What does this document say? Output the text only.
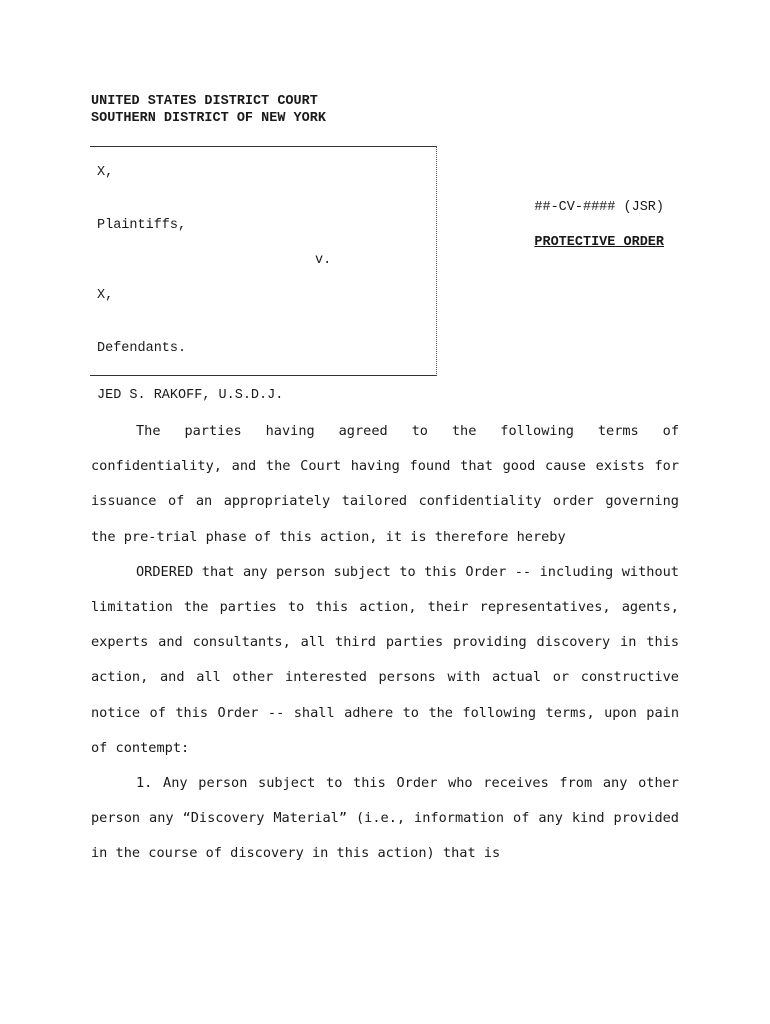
UNITED STATES DISTRICT COURT
SOUTHERN DISTRICT OF NEW YORK
X,
Plaintiffs,
v.
X,
Defendants.
##-CV-#### (JSR)
PROTECTIVE ORDER
JED S. RAKOFF, U.S.D.J.

The parties having agreed to the following terms of confidentiality, and the Court having found that good cause exists for issuance of an appropriately tailored confidentiality order governing the pre-trial phase of this action, it is therefore hereby

ORDERED that any person subject to this Order -- including without limitation the parties to this action, their representatives, agents, experts and consultants, all third parties providing discovery in this action, and all other interested persons with actual or constructive notice of this Order -- shall adhere to the following terms, upon pain of contempt:

1. Any person subject to this Order who receives from any other person any “Discovery Material” (i.e., information of any kind provided in the course of discovery in this action) that is
